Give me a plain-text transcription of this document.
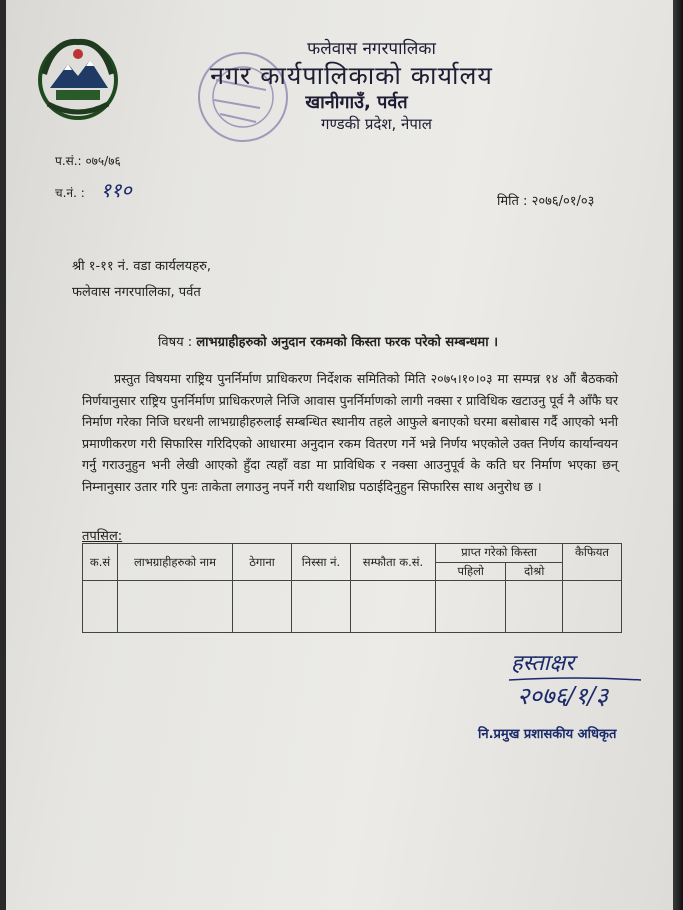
फलेवास नगरपालिका
नगर कार्यपालिकाको कार्यालय
खानीगाउँ, पर्वत
गण्डकी प्रदेश, नेपाल
प.सं.: ०७५/७६
च.नं. : ११०	मिति : २०७६/०१/०३
श्री १-११ नं. वडा कार्यलयहरु,
फलेवास नगरपालिका, पर्वत
विषय : लाभग्राहीहरुको अनुदान रकमको किस्ता फरक परेको सम्बन्धमा ।
प्रस्तुत विषयमा राष्ट्रिय पुनर्निर्माण प्राधिकरण निर्देशक समितिको मिति २०७५।१०।०३ मा सम्पन्न १४ औं बैठकको निर्णयानुसार राष्ट्रिय पुनर्निर्माण प्राधिकरणले निजि आवास पुनर्निर्माणको लागी नक्सा र प्राविधिक खटाउनु पूर्व नै आँफै घर निर्माण गरेका निजि घरधनी लाभग्राहीहरुलाई सम्बन्धित स्थानीय तहले आफुले बनाएको घरमा बसोबास गर्दै आएको भनी प्रमाणीकरण गरी सिफारिस गरिदिएको आधारमा अनुदान रकम वितरण गर्ने भन्ने निर्णय भएकोले उक्त निर्णय कार्यान्वयन गर्नु गराउनुहुन भनी लेखी आएको हुँदा त्यहाँ वडा मा प्राविधिक र नक्सा आउनुपूर्व के कति घर निर्माण भएका छन् निम्नानुसार उतार गरि पुनः ताकेता लगाउनु नपर्ने गरी यथाशिघ्र पठाईदिनुहुन सिफारिस साथ अनुरोध छ ।
तपसिल:
क.सं	लाभग्राहीहरुको नाम	ठेगाना	निस्सा नं.	सम्फौता क.सं.	प्राप्त गरेको किस्ता		कैफियत
					पहिलो	दोश्रो	

हस्ताक्षर
२०७६/१/३
नि.प्रमुख प्रशासकीय अधिकृत
